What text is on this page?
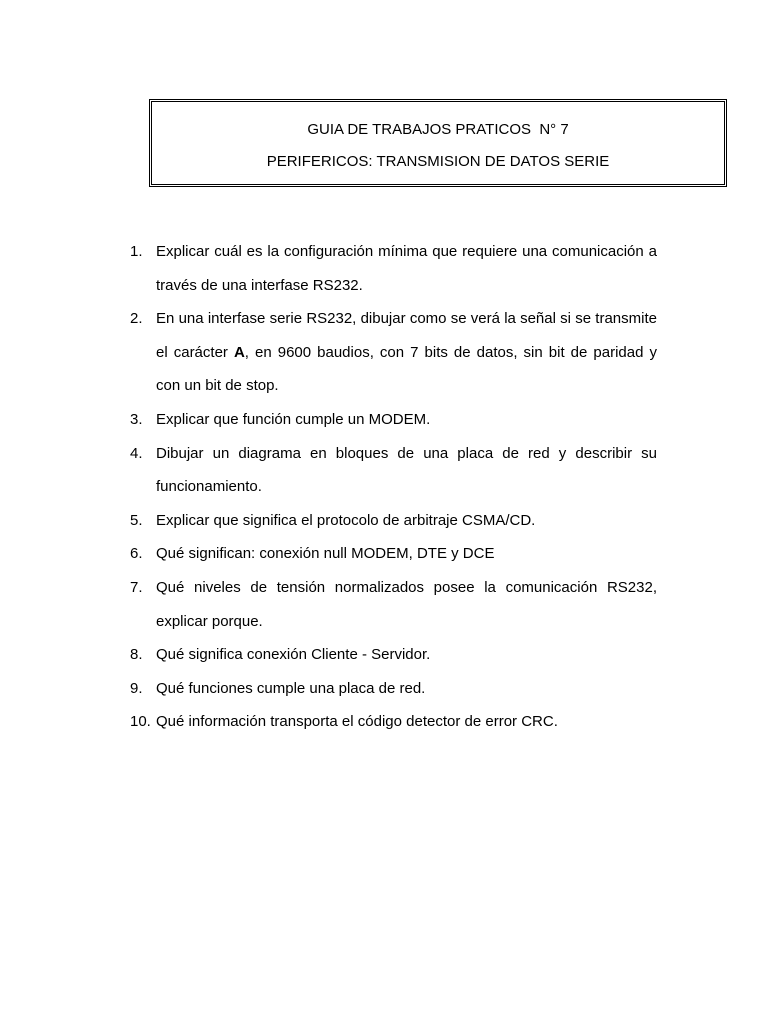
GUIA DE TRABAJOS PRATICOS  N° 7
PERIFERICOS: TRANSMISION DE DATOS SERIE
1. Explicar cuál es la configuración mínima que requiere una comunicación a través de una interfase RS232.
2. En una interfase serie RS232, dibujar como se verá la señal si se transmite el carácter A, en 9600 baudios, con 7 bits de datos, sin bit de paridad y con un bit de stop.
3. Explicar que función cumple un MODEM.
4. Dibujar un diagrama en bloques de una placa de red y describir su funcionamiento.
5. Explicar que significa el protocolo de arbitraje CSMA/CD.
6. Qué significan: conexión null MODEM, DTE y DCE
7. Qué niveles de tensión normalizados posee la comunicación RS232, explicar porque.
8. Qué significa conexión Cliente - Servidor.
9. Qué funciones cumple una placa de red.
10. Qué información transporta el código detector de error CRC.
